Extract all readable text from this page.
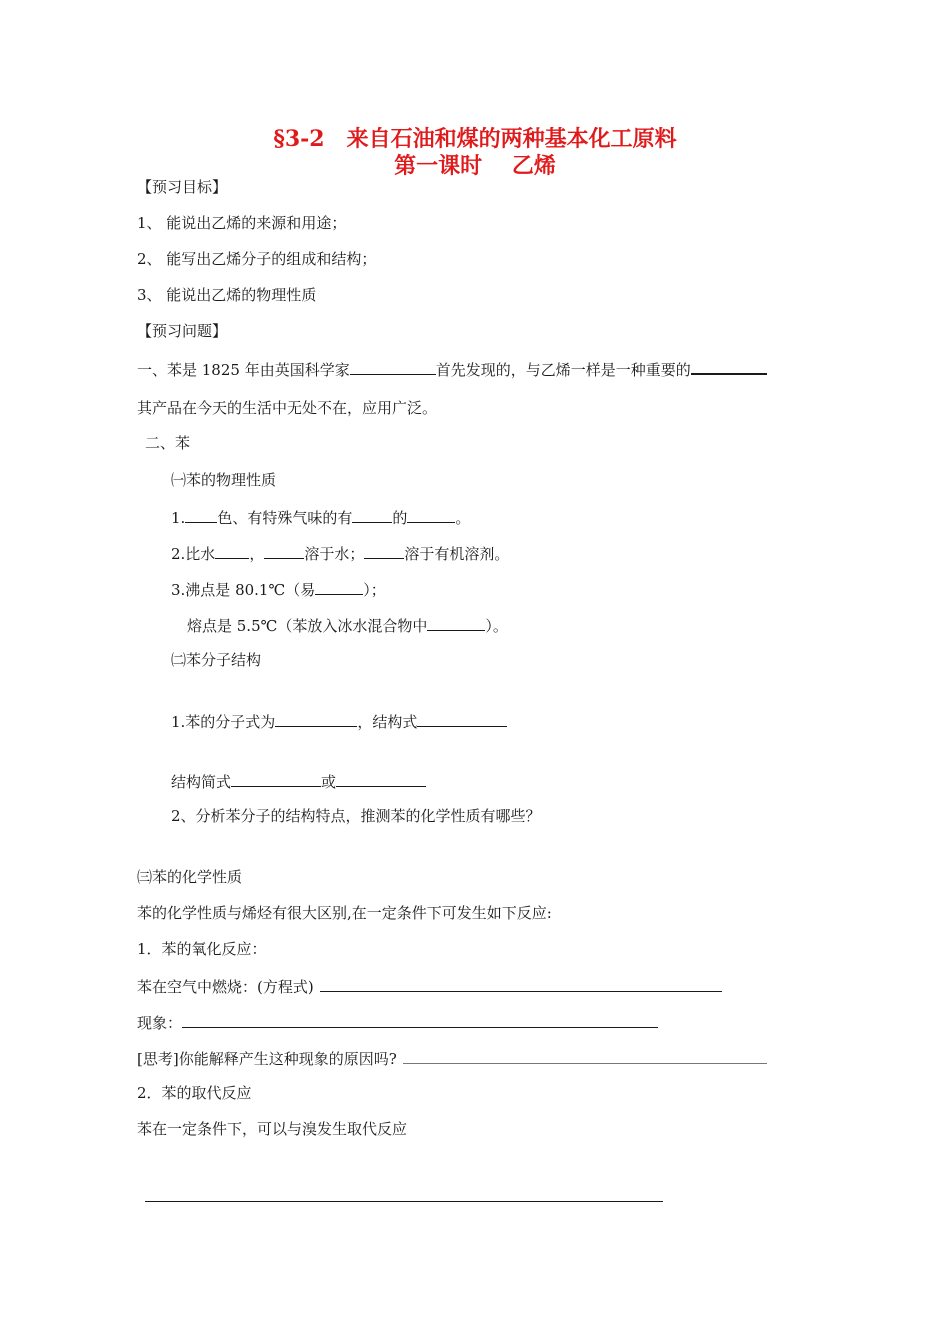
§3-2　来自石油和煤的两种基本化工原料
第一课时　 乙烯
【预习目标】
1、 能说出乙烯的来源和用途；
2、 能写出乙烯分子的组成和结构；
3、 能说出乙烯的物理性质
【预习问题】
一、苯是 1825 年由英国科学家	首先发现的，与乙烯一样是一种重要的
其产品在今天的生活中无处不在，应用广泛。
二、苯
㈠苯的物理性质
1. 色、有特殊气味的有	的	。
2.比水 ，	溶于水；	溶于有机溶剂。
3.沸点是 80.1℃（易	）；
熔点是 5.5℃（苯放入冰水混合物中	）。
㈡苯分子结构
1.苯的分子式为	，结构式
结构简式	或
2、分析苯分子的结构特点，推测苯的化学性质有哪些？
㈢苯的化学性质
苯的化学性质与烯烃有很大区别,在一定条件下可发生如下反应:
1．苯的氧化反应：
苯在空气中燃烧：(方程式)
现象：
[思考]你能解释产生这种现象的原因吗?
2．苯的取代反应
苯在一定条件下，可以与溴发生取代反应
